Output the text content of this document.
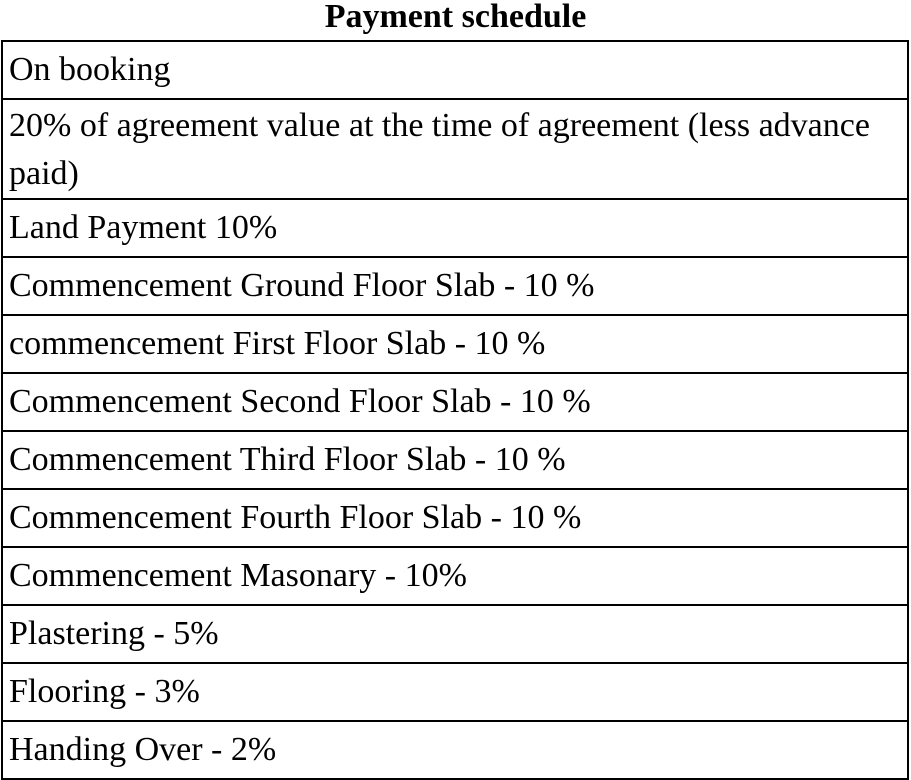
Payment schedule
On booking
20% of agreement value at the time of agreement (less advance paid)
Land Payment 10%
Commencement Ground Floor Slab - 10 %
commencement First Floor Slab - 10 %
Commencement Second Floor Slab - 10 %
Commencement Third Floor Slab - 10 %
Commencement Fourth Floor Slab - 10 %
Commencement Masonary - 10%
Plastering - 5%
Flooring - 3%
Handing Over - 2%
